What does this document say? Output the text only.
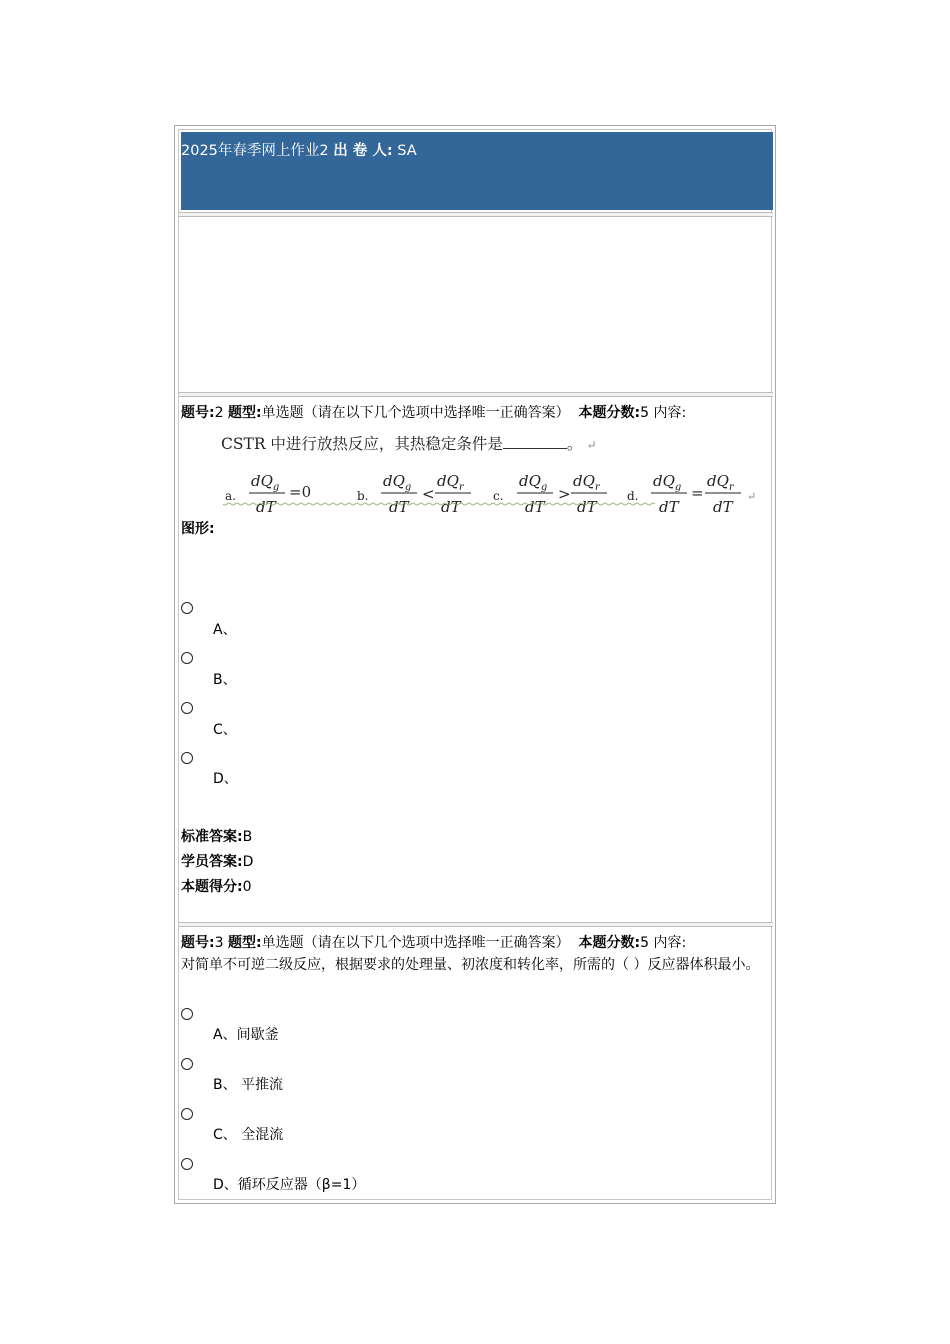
2025年春季网上作业2 出 卷 人: SA
题号:2 题型:单选题（请在以下几个选项中选择唯一正确答案） 本题分数:5 内容:
CSTR 中进行放热反应，其热稳定条件是	。 ↵
a.
$dQ_g$
dT
=0	b.
$dQ_g$
dT
<
$dQ_r$
dT
c.
$dQ_g$
dT
>
$dQ_r$
dT
d.
$dQ_g$
dT
=
$dQ_r$
dT
↵
图形:
A、
B、
C、
D、
标准答案:B
学员答案:D
本题得分:0
题号:3 题型:单选题（请在以下几个选项中选择唯一正确答案） 本题分数:5 内容:
对简单不可逆二级反应，根据要求的处理量、初浓度和转化率，所需的（ ）反应器体积最小。
A、间歇釜
B、 平推流
C、 全混流
D、循环反应器（β=1）
